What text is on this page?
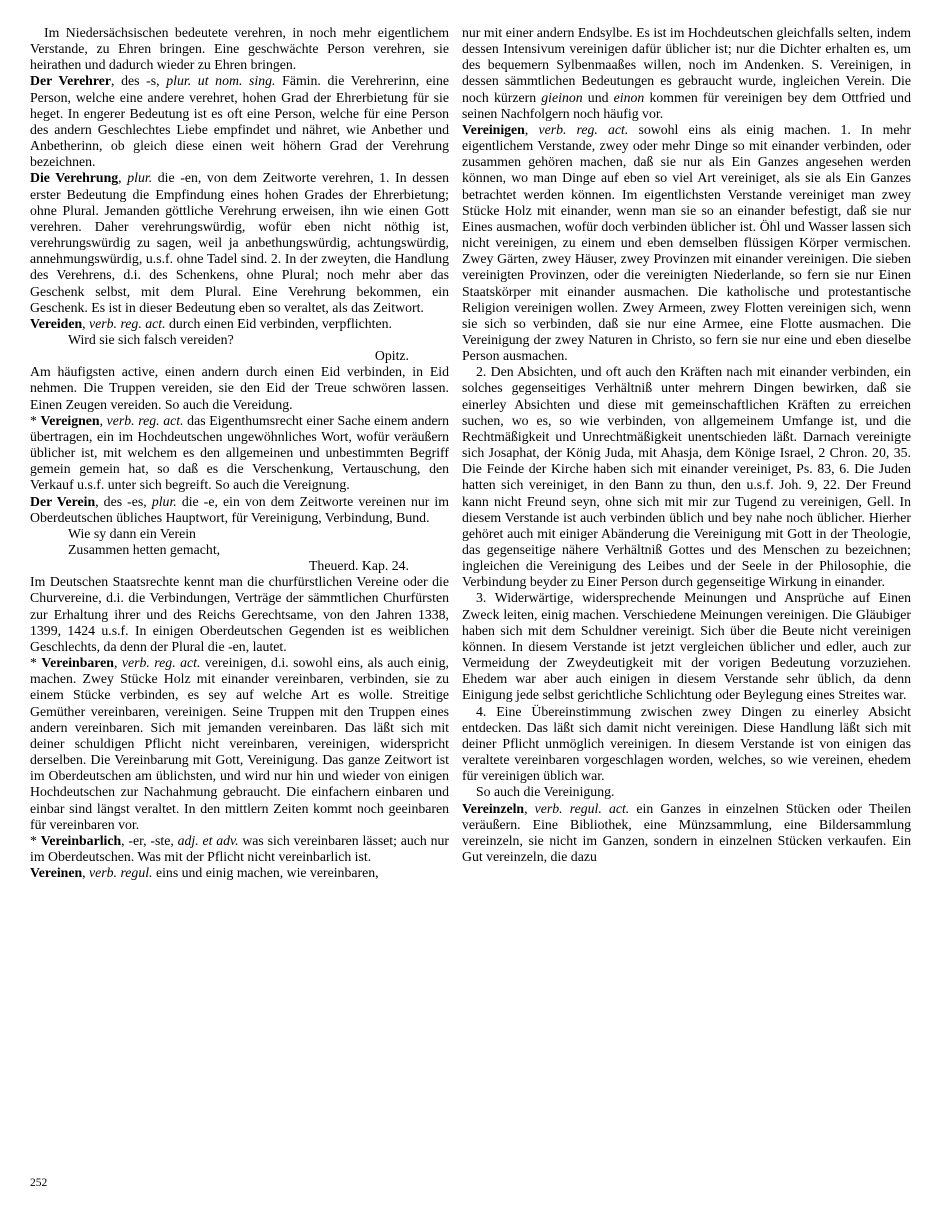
Im Niedersächsischen bedeutete verehren, in noch mehr eigentlichem Verstande, zu Ehren bringen. Eine geschwächte Person verehren, sie heirathen und dadurch wieder zu Ehren bringen.

Der Verehrer, des -s, plur. ut nom. sing. Fämin. die Verehrerinn, eine Person, welche eine andere verehret, hohen Grad der Ehrerbietung für sie heget. In engerer Bedeutung ist es oft eine Person, welche für eine Person des andern Geschlechtes Liebe empfindet und nähret, wie Anbether und Anbetherinn, ob gleich diese einen weit höhern Grad der Verehrung bezeichnen.

Die Verehrung, plur. die -en, von dem Zeitworte verehren, 1. In dessen erster Bedeutung die Empfindung eines hohen Grades der Ehrerbietung; ohne Plural. Jemanden göttliche Verehrung erweisen, ihn wie einen Gott verehren. Daher verehrungswürdig, wofür eben nicht nöthig ist, verehrungswürdig zu sagen, weil ja anbethungswürdig, achtungswürdig, annehmungswürdig, u.s.f. ohne Tadel sind. 2. In der zweyten, die Handlung des Verehrens, d.i. des Schenkens, ohne Plural; noch mehr aber das Geschenk selbst, mit dem Plural. Eine Verehrung bekommen, ein Geschenk. Es ist in dieser Bedeutung eben so veraltet, als das Zeitwort.

Vereiden, verb. reg. act. durch einen Eid verbinden, verpflichten.

Wird sie sich falsch vereiden?

Opitz.

Am häufigsten active, einen andern durch einen Eid verbinden, in Eid nehmen. Die Truppen vereiden, sie den Eid der Treue schwören lassen. Einen Zeugen vereiden. So auch die Vereidung.

* Vereignen, verb. reg. act. das Eigenthumsrecht einer Sache einem andern übertragen, ein im Hochdeutschen ungewöhnliches Wort, wofür veräußern üblicher ist, mit welchem es den allgemeinen und unbestimmten Begriff gemein gemein hat, so daß es die Verschenkung, Vertauschung, den Verkauf u.s.f. unter sich begreift. So auch die Vereignung.

Der Verein, des -es, plur. die -e, ein von dem Zeitworte vereinen nur im Oberdeutschen übliches Hauptwort, für Vereinigung, Verbindung, Bund.

Wie sy dann ein Verein

Zusammen hetten gemacht,

Theuerd. Kap. 24.

Im Deutschen Staatsrechte kennt man die churfürstlichen Vereine oder die Churvereine, d.i. die Verbindungen, Verträge der sämmtlichen Churfürsten zur Erhaltung ihrer und des Reichs Gerechtsame, von den Jahren 1338, 1399, 1424 u.s.f. In einigen Oberdeutschen Gegenden ist es weiblichen Geschlechts, da denn der Plural die -en, lautet.

* Vereinbaren, verb. reg. act. vereinigen, d.i. sowohl eins, als auch einig, machen. Zwey Stücke Holz mit einander vereinbaren, verbinden, sie zu einem Stücke verbinden, es sey auf welche Art es wolle. Streitige Gemüther vereinbaren, vereinigen. Seine Truppen mit den Truppen eines andern vereinbaren. Sich mit jemanden vereinbaren. Das läßt sich mit deiner schuldigen Pflicht nicht vereinbaren, vereinigen, widerspricht derselben. Die Vereinbarung mit Gott, Vereinigung. Das ganze Zeitwort ist im Oberdeutschen am üblichsten, und wird nur hin und wieder von einigen Hochdeutschen zur Nachahmung gebraucht. Die einfachern einbaren und einbar sind längst veraltet. In den mittlern Zeiten kommt noch geeinbaren für vereinbaren vor.

* Vereinbarlich, -er, -ste, adj. et adv. was sich vereinbaren lässet; auch nur im Oberdeutschen. Was mit der Pflicht nicht vereinbarlich ist.

Vereinen, verb. regul. eins und einig machen, wie vereinbaren,

nur mit einer andern Endsylbe. Es ist im Hochdeutschen gleichfalls selten, indem dessen Intensivum vereinigen dafür üblicher ist; nur die Dichter erhalten es, um des bequemern Sylbenmaaßes willen, noch im Andenken. S. Vereinigen, in dessen sämmtlichen Bedeutungen es gebraucht wurde, ingleichen Verein. Die noch kürzern gieinon und einon kommen für vereinigen bey dem Ottfried und seinen Nachfolgern noch häufig vor.

Vereinigen, verb. reg. act. sowohl eins als einig machen. 1. In mehr eigentlichem Verstande, zwey oder mehr Dinge so mit einander verbinden, oder zusammen gehören machen, daß sie nur als Ein Ganzes angesehen werden können, wo man Dinge auf eben so viel Art vereiniget, als sie als Ein Ganzes betrachtet werden können. Im eigentlichsten Verstande vereiniget man zwey Stücke Holz mit einander, wenn man sie so an einander befestigt, daß sie nur Eines ausmachen, wofür doch verbinden üblicher ist. Öhl und Wasser lassen sich nicht vereinigen, zu einem und eben demselben flüssigen Körper vermischen. Zwey Gärten, zwey Häuser, zwey Provinzen mit einander vereinigen. Die sieben vereinigten Provinzen, oder die vereinigten Niederlande, so fern sie nur Einen Staatskörper mit einander ausmachen. Die katholische und protestantische Religion vereinigen wollen. Zwey Armeen, zwey Flotten vereinigen sich, wenn sie sich so verbinden, daß sie nur eine Armee, eine Flotte ausmachen. Die Vereinigung der zwey Naturen in Christo, so fern sie nur eine und eben dieselbe Person ausmachen.

2. Den Absichten, und oft auch den Kräften nach mit einander verbinden, ein solches gegenseitiges Verhältniß unter mehrern Dingen bewirken, daß sie einerley Absichten und diese mit gemeinschaftlichen Kräften zu erreichen suchen, wo es, so wie verbinden, von allgemeinem Umfange ist, und die Rechtmäßigkeit und Unrechtmäßigkeit unentschieden läßt. Darnach vereinigte sich Josaphat, der König Juda, mit Ahasja, dem Könige Israel, 2 Chron. 20, 35. Die Feinde der Kirche haben sich mit einander vereiniget, Ps. 83, 6. Die Juden hatten sich vereiniget, in den Bann zu thun, den u.s.f. Joh. 9, 22. Der Freund kann nicht Freund seyn, ohne sich mit mir zur Tugend zu vereinigen, Gell. In diesem Verstande ist auch verbinden üblich und bey nahe noch üblicher. Hierher gehöret auch mit einiger Abänderung die Vereinigung mit Gott in der Theologie, das gegenseitige nähere Verhältniß Gottes und des Menschen zu bezeichnen; ingleichen die Vereinigung des Leibes und der Seele in der Philosophie, die Verbindung beyder zu Einer Person durch gegenseitige Wirkung in einander.

3. Widerwärtige, widersprechende Meinungen und Ansprüche auf Einen Zweck leiten, einig machen. Verschiedene Meinungen vereinigen. Die Gläubiger haben sich mit dem Schuldner vereinigt. Sich über die Beute nicht vereinigen können. In diesem Verstande ist jetzt vergleichen üblicher und edler, auch zur Vermeidung der Zweydeutigkeit mit der vorigen Bedeutung vorzuziehen. Ehedem war aber auch einigen in diesem Verstande sehr üblich, da denn Einigung jede selbst gerichtliche Schlichtung oder Beylegung eines Streites war.

4. Eine Übereinstimmung zwischen zwey Dingen zu einerley Absicht entdecken. Das läßt sich damit nicht vereinigen. Diese Handlung läßt sich mit deiner Pflicht unmöglich vereinigen. In diesem Verstande ist von einigen das veraltete vereinbaren vorgeschlagen worden, welches, so wie vereinen, ehedem für vereinigen üblich war.

So auch die Vereinigung.

Vereinzeln, verb. regul. act. ein Ganzes in einzelnen Stücken oder Theilen veräußern. Eine Bibliothek, eine Münzsammlung, eine Bildersammlung vereinzeln, sie nicht im Ganzen, sondern in einzelnen Stücken verkaufen. Ein Gut vereinzeln, die dazu

252
